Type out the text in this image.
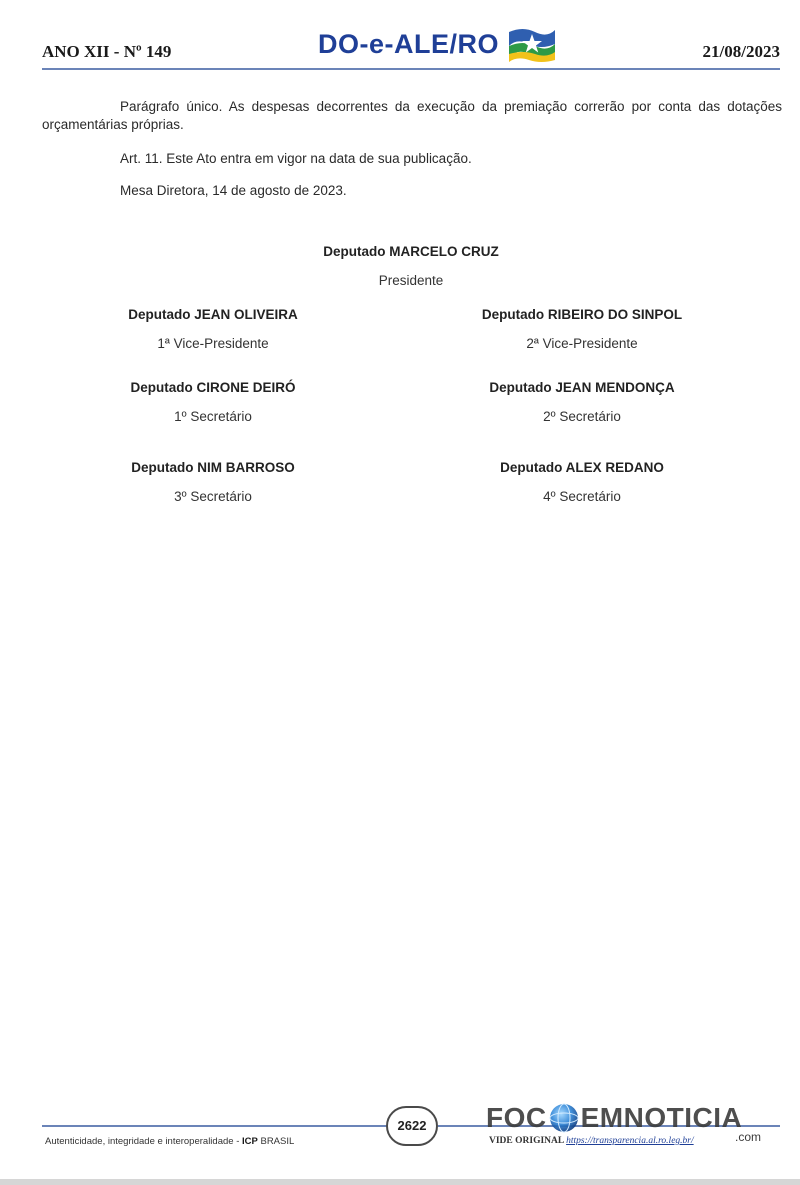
ANO XII - Nº 149	DO-e-ALE/RO	21/08/2023
Parágrafo único. As despesas decorrentes da execução da premiação correrão por conta das dotações orçamentárias próprias.
Art. 11. Este Ato entra em vigor na data de sua publicação.
Mesa Diretora, 14 de agosto de 2023.
Deputado MARCELO CRUZ
Presidente
Deputado JEAN OLIVEIRA
1ª Vice-Presidente
Deputado RIBEIRO DO SINPOL
2ª Vice-Presidente
Deputado CIRONE DEIRÓ
1º Secretário
Deputado JEAN MENDONÇA
2º Secretário
Deputado NIM BARROSO
3º Secretário
Deputado ALEX REDANO
4º Secretário
2622
Autenticidade, integridade e interoperalidade - ICP BRASIL	VIDE ORIGINAL https://transparencia.al.ro.leg.br/
FOC EMNOTICIA
.com
